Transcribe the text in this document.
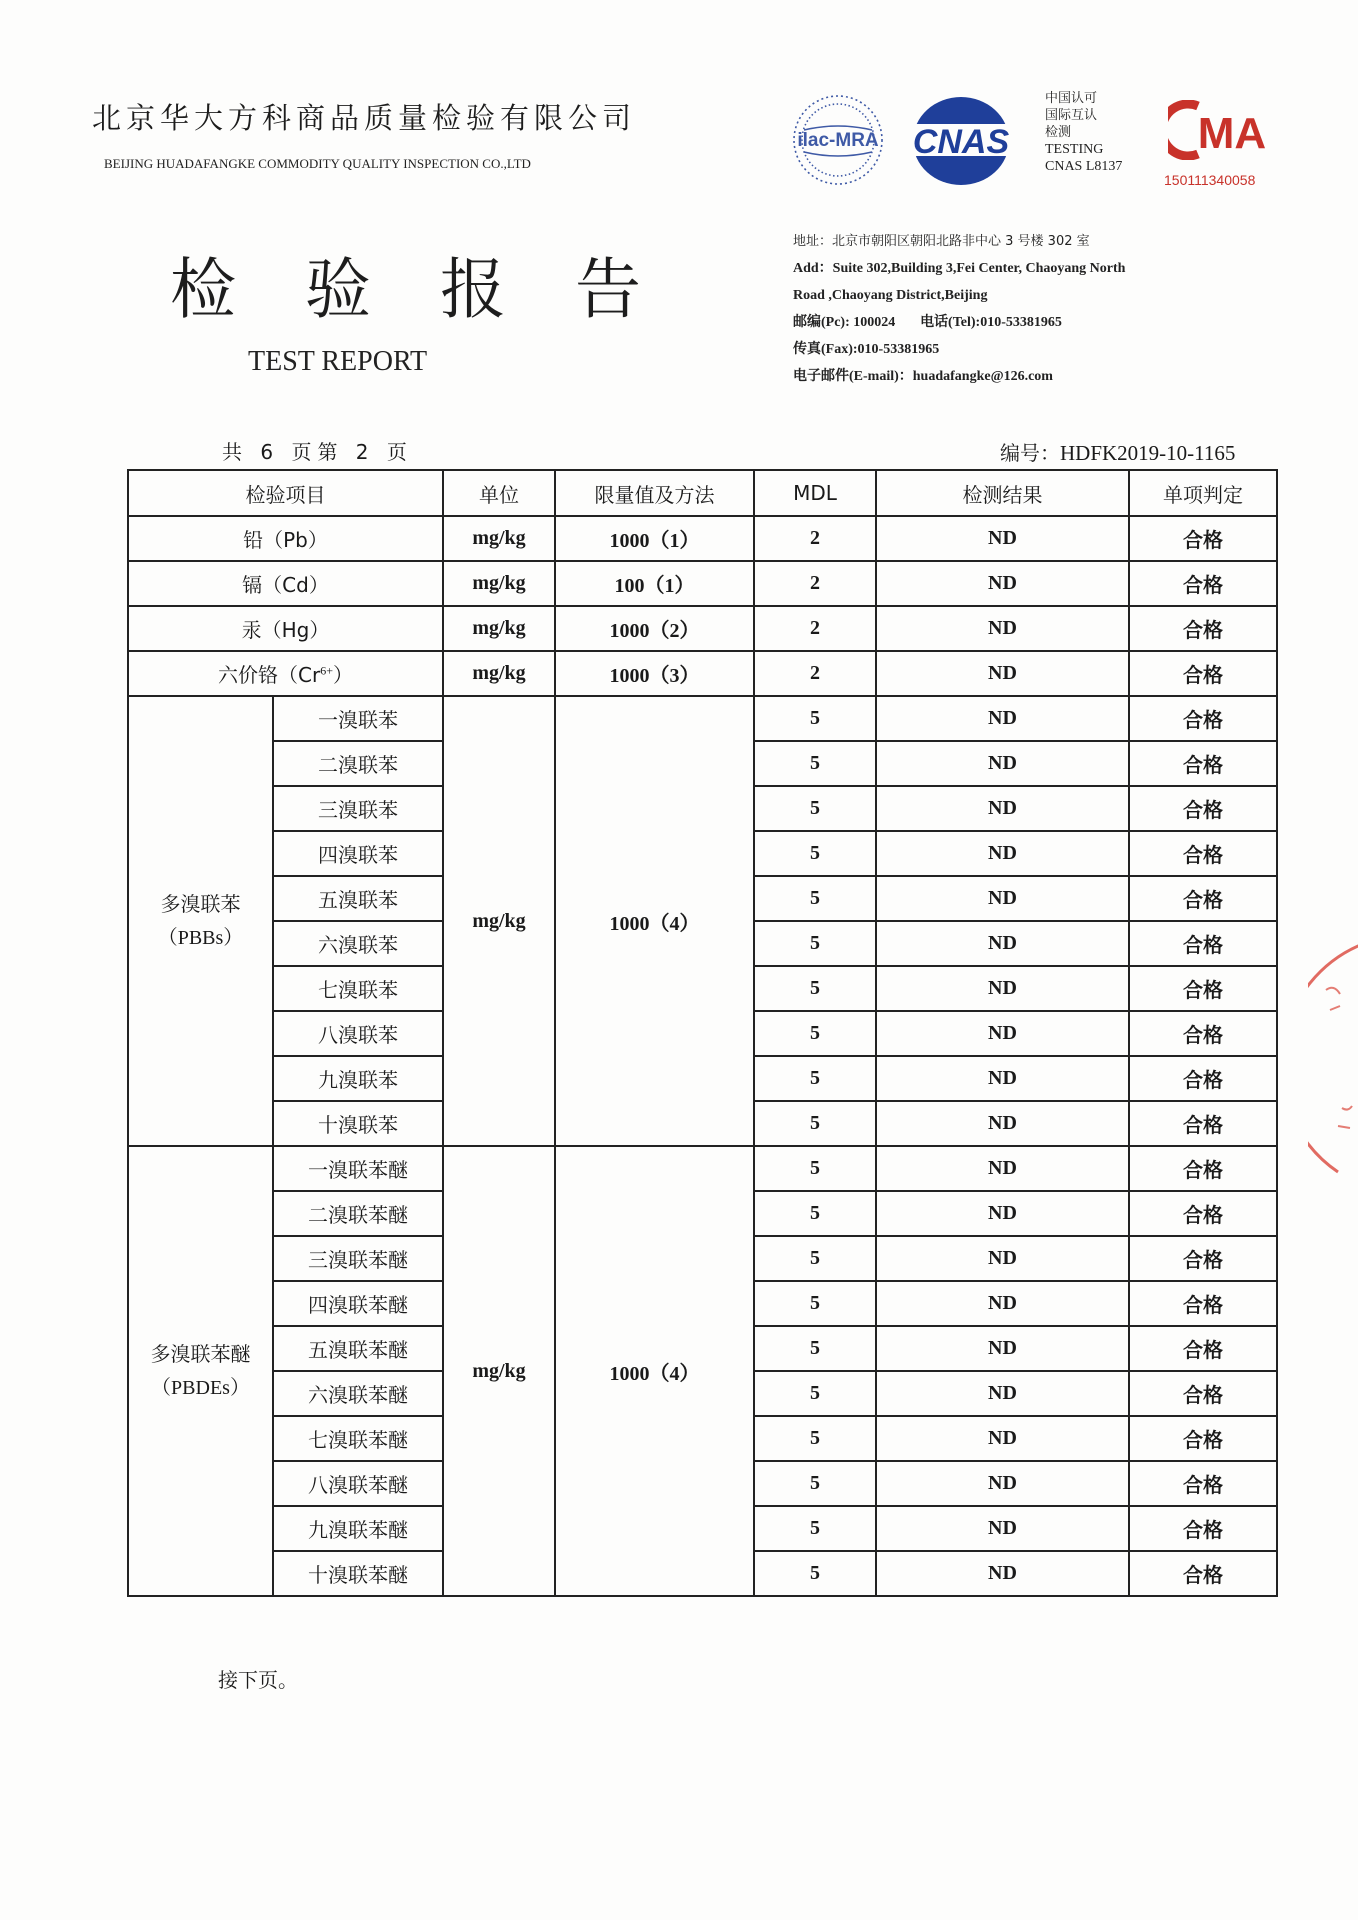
北京华大方科商品质量检验有限公司
BEIJING HUADAFANGKE COMMODITY QUALITY INSPECTION CO.,LTD
ilac-MRA CNAS
中国认可
国际互认
检测
TESTING
CNAS L8137
MA
150111340058
检 验 报 告
TEST REPORT
地址：北京市朝阳区朝阳北路非中心 3 号楼 302 室
Add：Suite 302,Building 3,Fei Center, Chaoyang North
Road ,Chaoyang District,Beijing
邮编(Pc): 100024 电话(Tel):010-53381965
传真(Fax):010-53381965
电子邮件(E-mail)：huadafangke@126.com
共 6 页第 2 页	编号：HDFK2019-10-1165
检验项目		单位	限量值及方法	MDL	检测结果	单项判定
铅（Pb）		mg/kg	1000（1）	2	ND	合格
镉（Cd）		mg/kg	100（1）	2	ND	合格
汞（Hg）		mg/kg	1000（2）	2	ND	合格
六价铬$(Cr^{6+})$		mg/kg	1000（3）	2	ND	合格

多溴联苯
（PBBs）	一溴联苯	mg/kg	1000（4）	5	ND	合格
	二溴联苯			5	ND	合格
	三溴联苯			5	ND	合格
	四溴联苯			5	ND	合格
	五溴联苯			5	ND	合格
	六溴联苯			5	ND	合格
	七溴联苯			5	ND	合格
	八溴联苯			5	ND	合格
	九溴联苯			5	ND	合格
	十溴联苯			5	ND	合格

多溴联苯醚
（PBDEs）	一溴联苯醚	mg/kg	1000（4）	5	ND	合格
	二溴联苯醚			5	ND	合格
	三溴联苯醚			5	ND	合格
	四溴联苯醚			5	ND	合格
	五溴联苯醚			5	ND	合格
	六溴联苯醚			5	ND	合格
	七溴联苯醚			5	ND	合格
	八溴联苯醚			5	ND	合格
	九溴联苯醚			5	ND	合格
	十溴联苯醚			5	ND	合格
接下页。
